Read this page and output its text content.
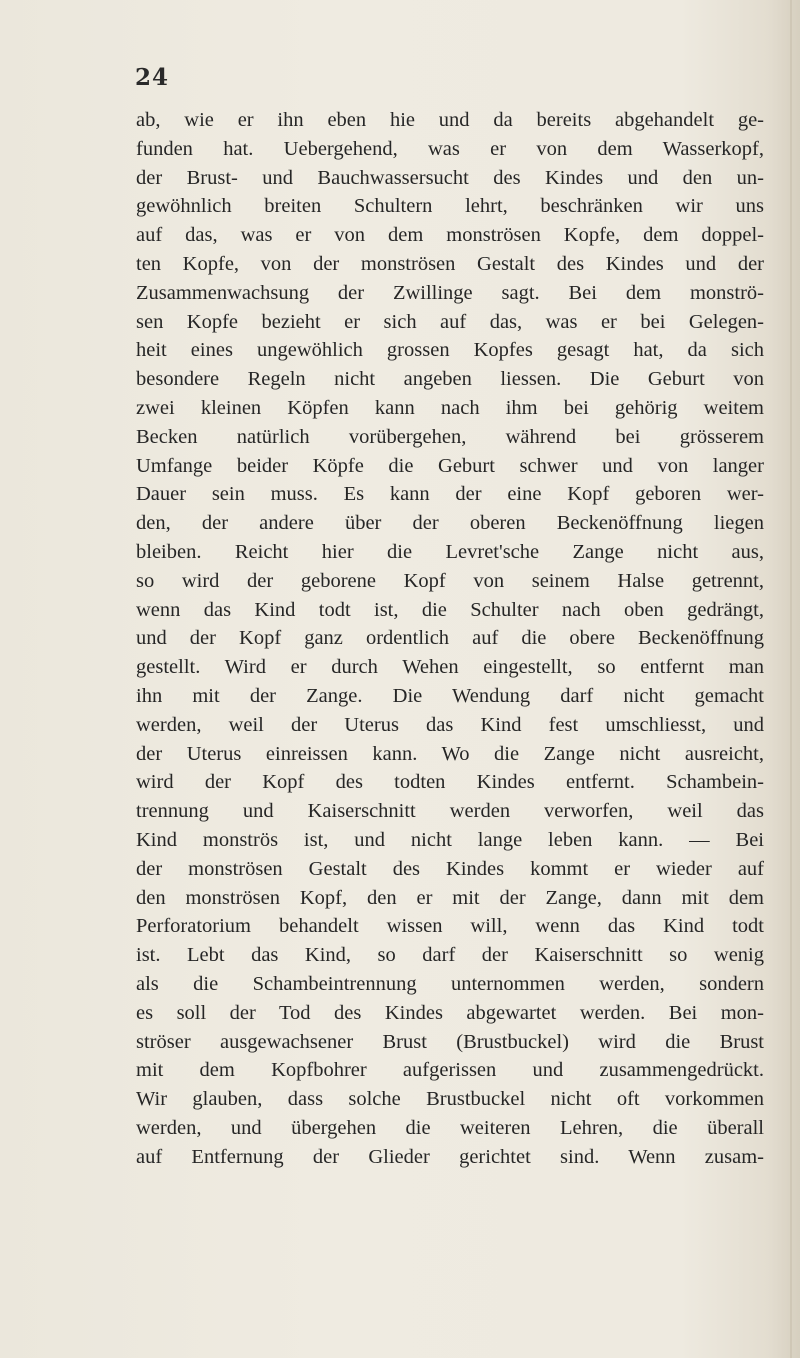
24
ab, wie er ihn eben hie und da bereits abgehandelt ge-
funden hat. Uebergehend, was er von dem Wasserkopf,
der Brust- und Bauchwassersucht des Kindes und den un-
gewöhnlich breiten Schultern lehrt, beschränken wir uns
auf das, was er von dem monströsen Kopfe, dem doppel-
ten Kopfe, von der monströsen Gestalt des Kindes und der
Zusammenwachsung der Zwillinge sagt. Bei dem monströ-
sen Kopfe bezieht er sich auf das, was er bei Gelegen-
heit eines ungewöhlich grossen Kopfes gesagt hat, da sich
besondere Regeln nicht angeben liessen. Die Geburt von
zwei kleinen Köpfen kann nach ihm bei gehörig weitem
Becken natürlich vorübergehen, während bei grösserem
Umfange beider Köpfe die Geburt schwer und von langer
Dauer sein muss. Es kann der eine Kopf geboren wer-
den, der andere über der oberen Beckenöffnung liegen
bleiben. Reicht hier die Levret'sche Zange nicht aus,
so wird der geborene Kopf von seinem Halse getrennt,
wenn das Kind todt ist, die Schulter nach oben gedrängt,
und der Kopf ganz ordentlich auf die obere Beckenöffnung
gestellt. Wird er durch Wehen eingestellt, so entfernt man
ihn mit der Zange. Die Wendung darf nicht gemacht
werden, weil der Uterus das Kind fest umschliesst, und
der Uterus einreissen kann. Wo die Zange nicht ausreicht,
wird der Kopf des todten Kindes entfernt. Schambein-
trennung und Kaiserschnitt werden verworfen, weil das
Kind monströs ist, und nicht lange leben kann. — Bei
der monströsen Gestalt des Kindes kommt er wieder auf
den monströsen Kopf, den er mit der Zange, dann mit dem
Perforatorium behandelt wissen will, wenn das Kind todt
ist. Lebt das Kind, so darf der Kaiserschnitt so wenig
als die Schambeintrennung unternommen werden, sondern
es soll der Tod des Kindes abgewartet werden. Bei mon-
ströser ausgewachsener Brust (Brustbuckel) wird die Brust
mit dem Kopfbohrer aufgerissen und zusammengedrückt.
Wir glauben, dass solche Brustbuckel nicht oft vorkommen
werden, und übergehen die weiteren Lehren, die überall
auf Entfernung der Glieder gerichtet sind. Wenn zusam-
